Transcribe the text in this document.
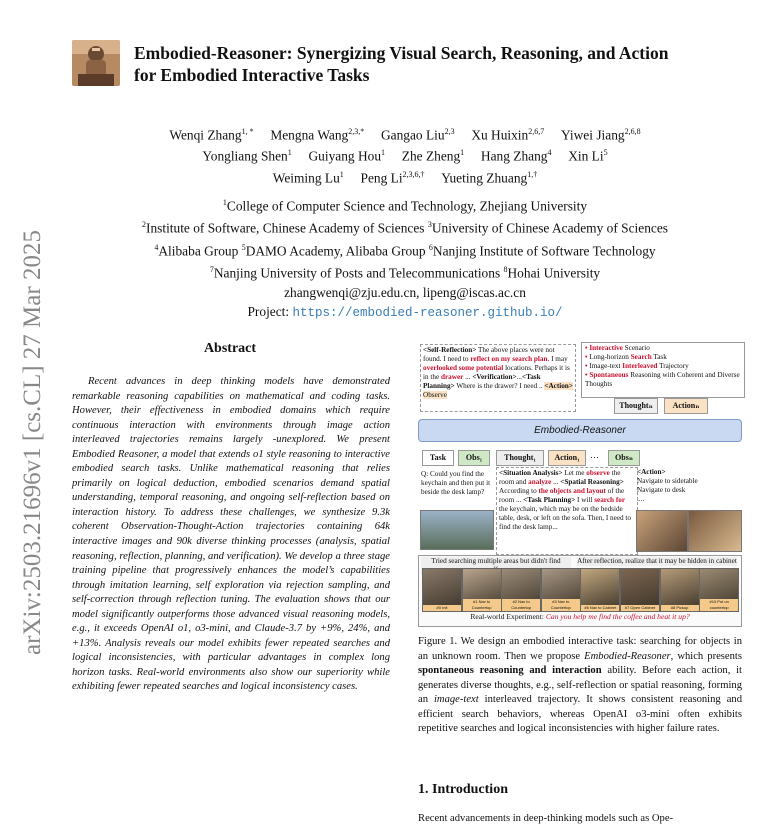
arXiv:2503.21696v1 [cs.CL] 27 Mar 2025
Embodied-Reasoner: Synergizing Visual Search, Reasoning, and Action
for Embodied Interactive Tasks
Wenqi Zhang$^{1, *}$ Mengna Wang$^{2,3,*}$ Gangao Liu$^{2,3}$ Xu Huixin$^{2,6,7}$ Yiwei Jiang$^{2,6,8}$
Yongliang Shen$^1$ Guiyang Hou$^1$ Zhe Zheng$^1$ Hang Zhang$^4$ Xin Li$^5$
Weiming Lu$^1$ Peng $Li^{2,3,6,\dagger}$ Yueting Zhuang$^{1,\dagger}$
$^1$College of Computer Science and Technology, Zhejiang University
$^2$Institute of Software, Chinese Academy of Sciences $^3$University of Chinese Academy of Sciences
$^4$Alibaba Group $^5$DAMO Academy, Alibaba Group $^6$Nanjing Institute of Software Technology
$^7$Nanjing University of Posts and Telecommunications $^8$Hohai University
zhangwenqi@zju.edu.cn, lipeng@iscas.ac.cn
Project: https://embodied-reasoner.github.io/
Abstract

Recent advances in deep thinking models have demonstrated remarkable reasoning capabilities on mathematical and coding tasks. However, their effectiveness in embodied domains which require continuous interaction with environments through image action interleaved trajectories remains largely -unexplored. We present Embodied Reasoner, a model that extends o1 style reasoning to interactive embodied search tasks. Unlike mathematical reasoning that relies primarily on logical deduction, embodied scenarios demand spatial understanding, temporal reasoning, and ongoing self-reflection based on interaction history. To address these challenges, we synthesize 9.3k coherent Observation-Thought-Action trajectories containing 64k interactive images and 90k diverse thinking processes (analysis, spatial reasoning, reflection, planning, and verification). We develop a three stage training pipeline that progressively enhances the model’s capabilities through imitation learning, self exploration via rejection sampling, and self-correction through reflection tuning. The evaluation shows that our model significantly outperforms those advanced visual reasoning models, e.g., it exceeds OpenAI o1, o3-mini, and Claude-3.7 by +9%, 24%, and +13%. Analysis reveals our model exhibits fewer repeated searches and logical inconsistencies, with particular advantages in complex long horizon tasks. Real-world environments also show our superiority while exhibiting fewer repeated searches and logical inconsistency cases.

<Self-Reflection> The above places were not found. I need to reflect on my search plan. I may overlooked some potential locations. Perhaps it is in the drawer ... <Verification>...<Task Planning> Where is the drawer? I need .. <Action> Observe
• Interactive Scenario
• Long-horizon Search Task
• Image-text Interleaved Trajectory
• Spontaneous Reasoning with Coherent and Diverse Thoughts
Thoughtₙ	Actionₙ
Embodied-Reasoner
Task	Obs₁	Thought₁	Action₁	⋯	Obsₙ
Q: Could you find the keychain and then put it beside the desk lamp?
<Situation Analysis> Let me observe the room and analyze ... <Spatial Reasoning> According to the objects and layout of the room ... <Task Planning> I will search for the keychain, which may be on the bedside table, desk, or left on the sofa. Then, I need to find the desk lamp...
<Action>
Navigate to sidetable
Navigate to desk
....
Tried searching multiple areas but didn't find	After reflection, realize that it may be hidden in cabinet
#0 Init
#1 Nav to Countertop
#2 Nav to Countertop
#3 Nav to Countertop	#6 Nav to Cabinet	#7 Open Cabinet	#8 Pickup
#10 Put on countertop
Real-world Experiment: Can you help me find the coffee and heat it up?
Figure 1. We design an embodied interactive task: searching for objects in an unknown room. Then we propose Embodied-Reasoner, which presents spontaneous reasoning and interaction ability. Before each action, it generates diverse thoughts, e.g., self-reflection or spatial reasoning, forming an image-text interleaved trajectory. It shows consistent reasoning and efficient search behaviors, whereas OpenAI o3-mini often exhibits repetitive searches and logical inconsistencies with higher failure rates.
1. Introduction
Recent advancements in deep-thinking models such as Ope-
